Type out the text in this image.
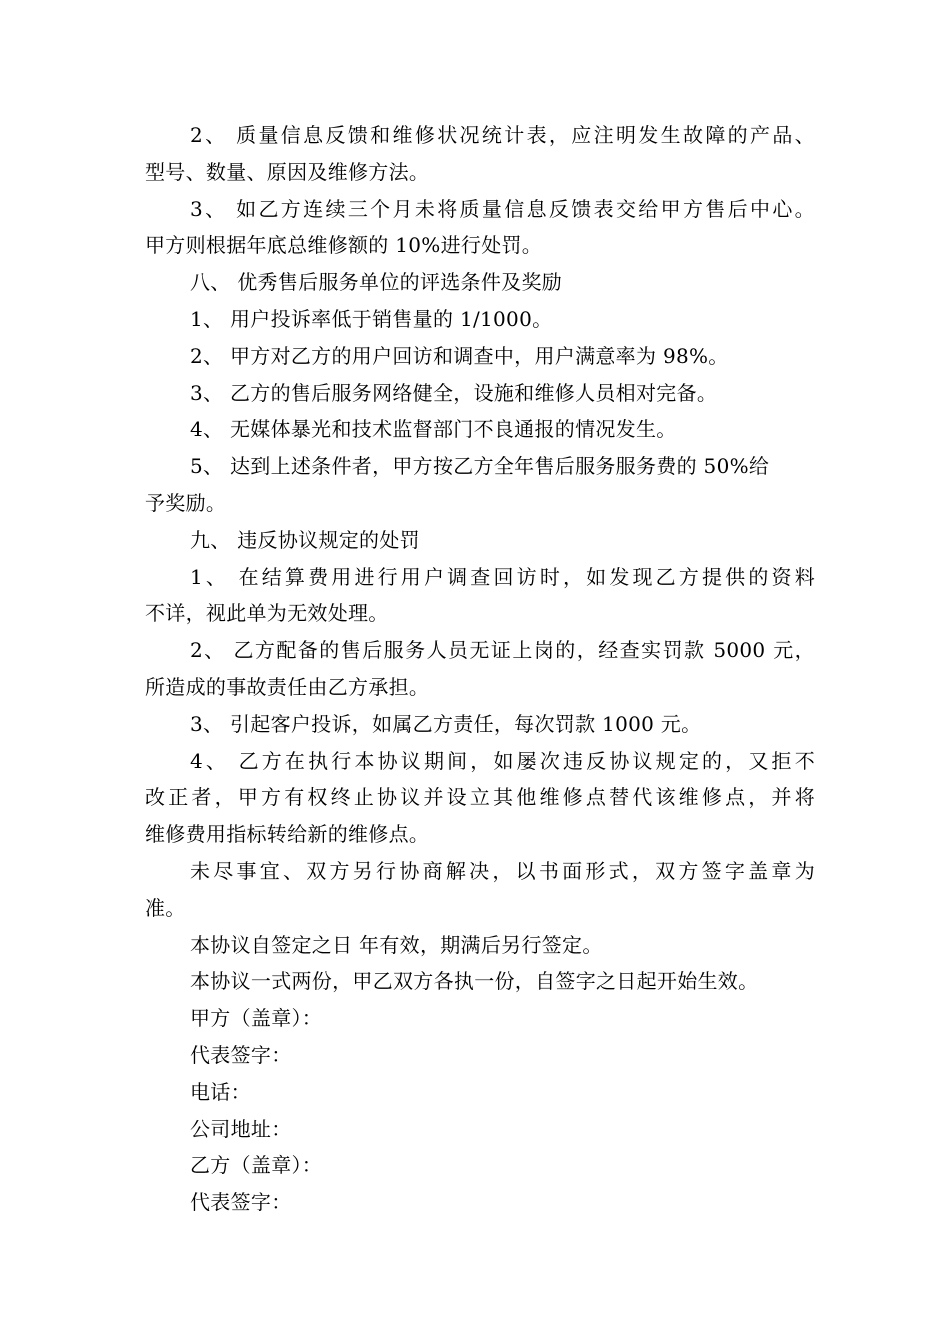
2、 质量信息反馈和维修状况统计表，应注明发生故障的产品、
型号、数量、原因及维修方法。
3、 如乙方连续三个月未将质量信息反馈表交给甲方售后中心。
甲方则根据年底总维修额的 10%进行处罚。
八、 优秀售后服务单位的评选条件及奖励
1、 用户投诉率低于销售量的 1/1000。
2、 甲方对乙方的用户回访和调查中，用户满意率为 98%。
3、 乙方的售后服务网络健全，设施和维修人员相对完备。
4、 无媒体暴光和技术监督部门不良通报的情况发生。
5、 达到上述条件者，甲方按乙方全年售后服务服务费的 50%给
予奖励。
九、 违反协议规定的处罚
1、 在结算费用进行用户调查回访时，如发现乙方提供的资料
不详，视此单为无效处理。
2、 乙方配备的售后服务人员无证上岗的，经查实罚款 5000 元，
所造成的事故责任由乙方承担。
3、 引起客户投诉，如属乙方责任，每次罚款 1000 元。
4、 乙方在执行本协议期间，如屡次违反协议规定的，又拒不
改正者，甲方有权终止协议并设立其他维修点替代该维修点，并将
维修费用指标转给新的维修点。
未尽事宜、双方另行协商解决，以书面形式，双方签字盖章为
准。
本协议自签定之日 年有效，期满后另行签定。
本协议一式两份，甲乙双方各执一份，自签字之日起开始生效。
甲方（盖章）：
代表签字：
电话：
公司地址：
乙方（盖章）：
代表签字：
